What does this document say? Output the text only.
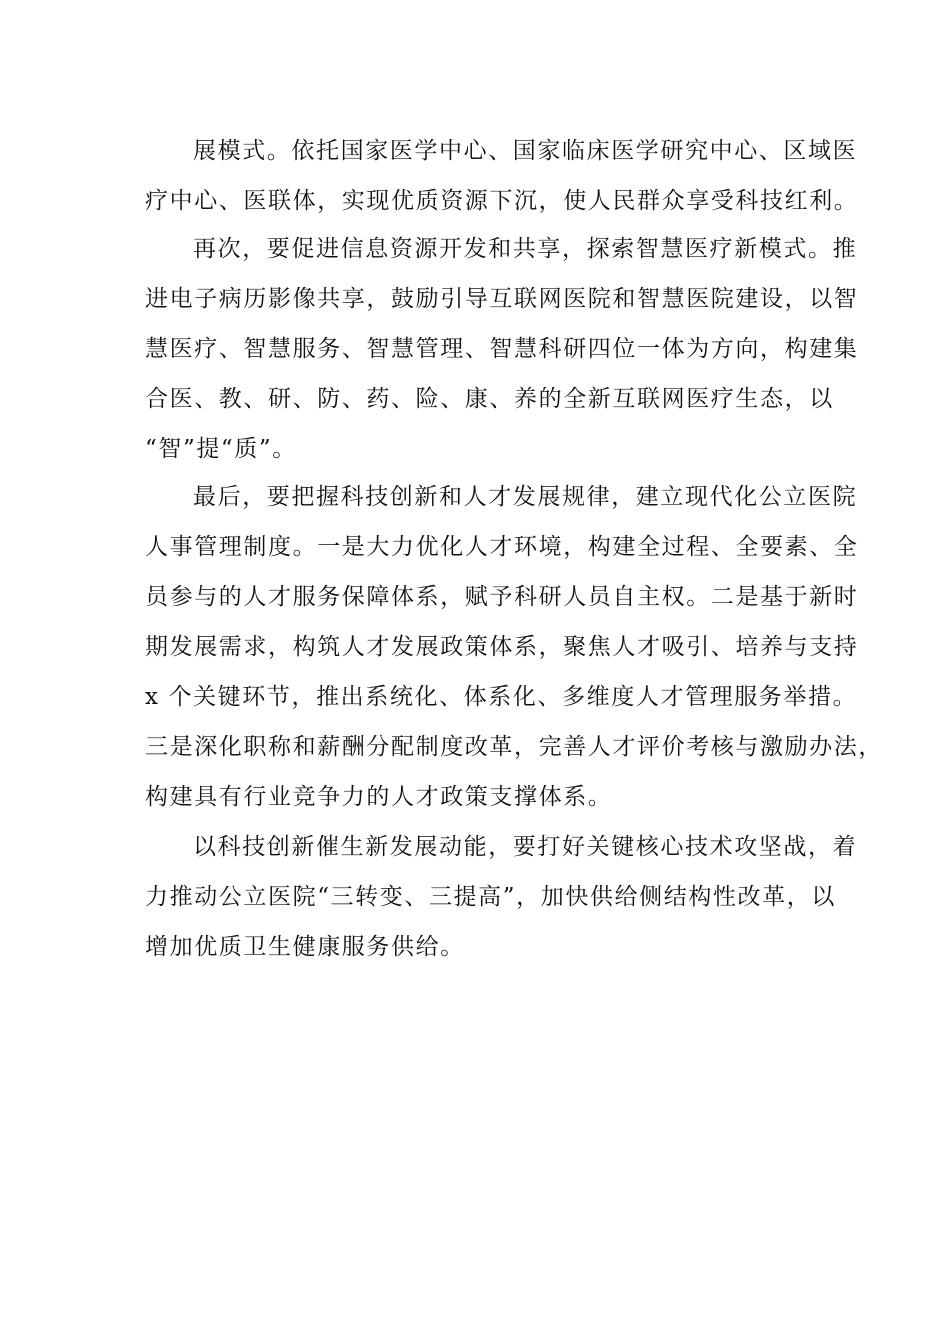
展模式。依托国家医学中心、国家临床医学研究中心、区域医
疗中心、医联体，实现优质资源下沉，使人民群众享受科技红利。
再次，要促进信息资源开发和共享，探索智慧医疗新模式。推
进电子病历影像共享，鼓励引导互联网医院和智慧医院建设，以智
慧医疗、智慧服务、智慧管理、智慧科研四位一体为方向，构建集
合医、教、研、防、药、险、康、养的全新互联网医疗生态，以
“智”提“质”。
最后，要把握科技创新和人才发展规律，建立现代化公立医院
人事管理制度。一是大力优化人才环境，构建全过程、全要素、全
员参与的人才服务保障体系，赋予科研人员自主权。二是基于新时
期发展需求，构筑人才发展政策体系，聚焦人才吸引、培养与支持
x 个关键环节，推出系统化、体系化、多维度人才管理服务举措。
三是深化职称和薪酬分配制度改革，完善人才评价考核与激励办法，
构建具有行业竞争力的人才政策支撑体系。
以科技创新催生新发展动能，要打好关键核心技术攻坚战，着
力推动公立医院“三转变、三提高”，加快供给侧结构性改革，以
增加优质卫生健康服务供给。
